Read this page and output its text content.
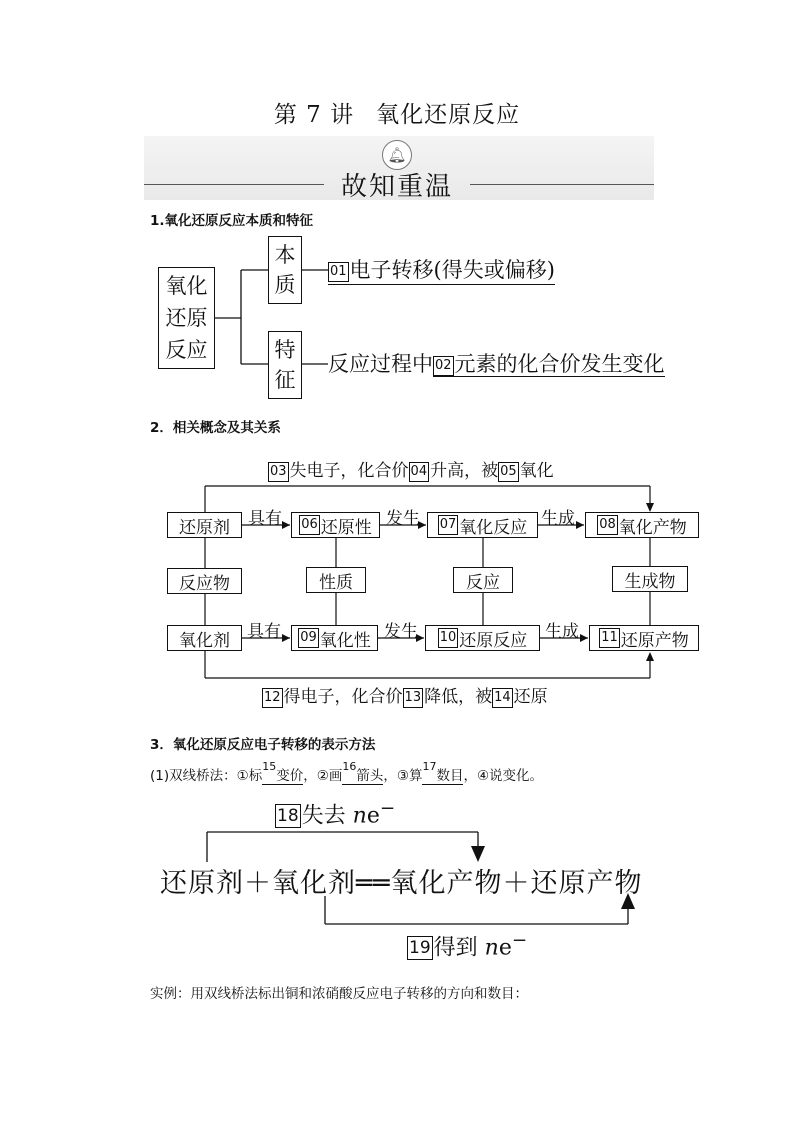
第 7 讲 氧化还原反应
🔔︎
故知重温
1.氧化还原反应本质和特征
氧化
还原
反应
本
质
特
征
01 电子转移(得失或偏移)
反应过程中 02 元素的化合价发生变化
2．相关概念及其关系
03 失电子，化合价 04 升高，被 05 氧化
还原剂	具有 06 还原性 发生 07 氧化反应 生成 08 氧化产物
反应物	性质	反应	生成物
氧化剂	具有 09 氧化性 发生 10 还原反应 生成 11 还原产物
12 得电子，化合价 13 降低，被 14 还原
3．氧化还原反应电子转移的表示方法
(1)双线桥法：①标$^{15}$变价，②画$^{16}$箭头，③算$^{17}$数目，④说变化。
18 失去 ne−
还原剂＋氧化剂══氧化产物＋还原产物
19 得到 ne−
实例：用双线桥法标出铜和浓硝酸反应电子转移的方向和数目：
